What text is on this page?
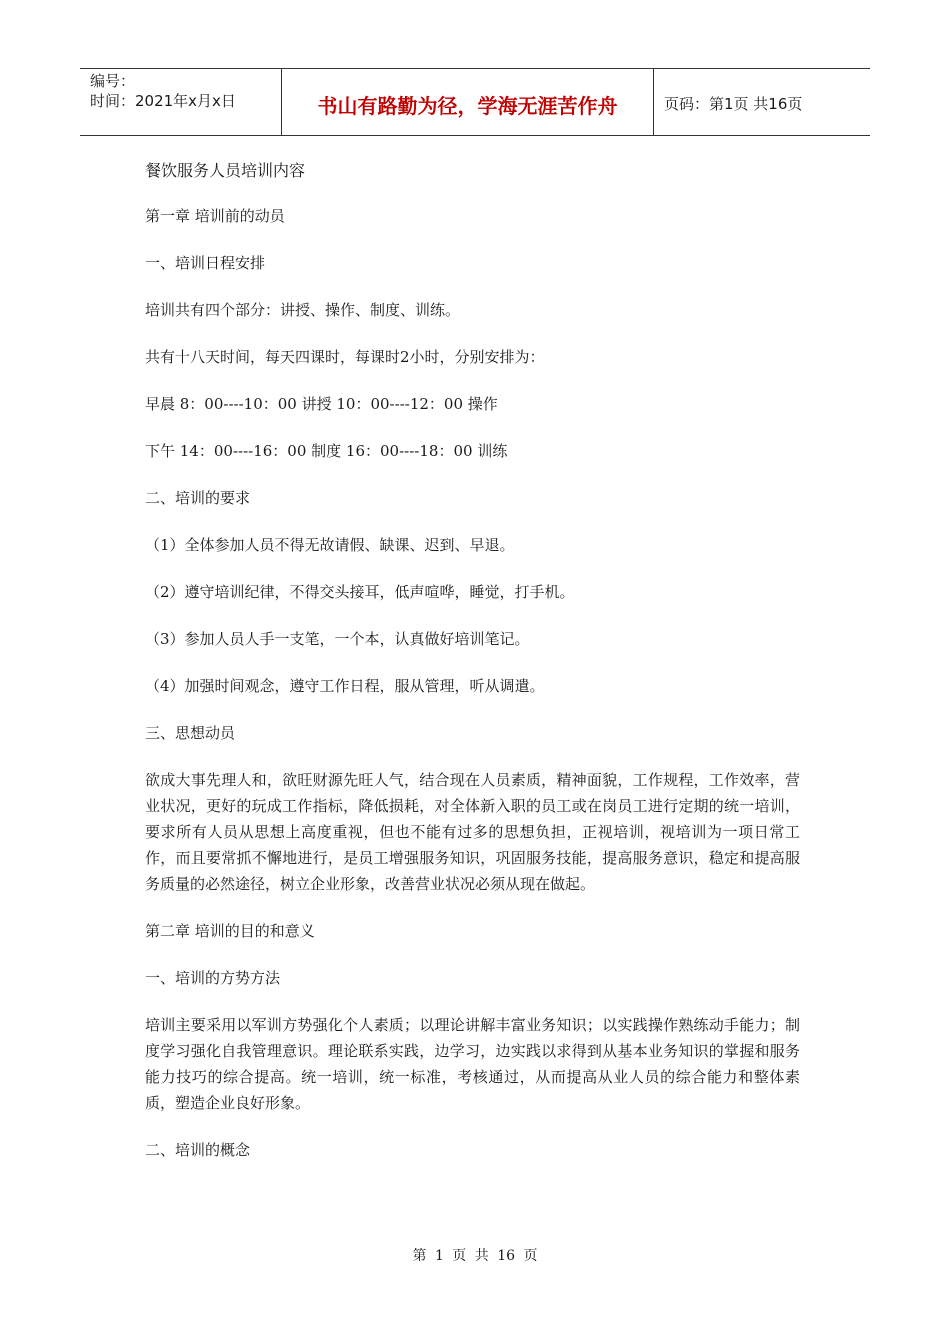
编号：
时间：2021年x月x日	书山有路勤为径，学海无涯苦作舟	页码：第1页 共16页

餐饮服务人员培训内容

第一章 培训前的动员

一、培训日程安排

培训共有四个部分：讲授、操作、制度、训练。

共有十八天时间，每天四课时，每课时2小时，分别安排为：

早晨 8：00----10：00 讲授 10：00----12：00 操作

下午 14：00----16：00 制度 16：00----18：00 训练

二、培训的要求

（1）全体参加人员不得无故请假、缺课、迟到、早退。

（2）遵守培训纪律，不得交头接耳，低声喧哗，睡觉，打手机。

（3）参加人员人手一支笔，一个本，认真做好培训笔记。

（4）加强时间观念，遵守工作日程，服从管理，听从调遣。

三、思想动员

欲成大事先理人和，欲旺财源先旺人气，结合现在人员素质，精神面貌，工作规程，工作效率，营业状况，更好的玩成工作指标，降低损耗，对全体新入职的员工或在岗员工进行定期的统一培训，要求所有人员从思想上高度重视，但也不能有过多的思想负担，正视培训，视培训为一项日常工作，而且要常抓不懈地进行，是员工增强服务知识，巩固服务技能，提高服务意识，稳定和提高服务质量的必然途径，树立企业形象，改善营业状况必须从现在做起。

第二章 培训的目的和意义

一、培训的方势方法

培训主要采用以军训方势强化个人素质；以理论讲解丰富业务知识；以实践操作熟练动手能力；制度学习强化自我管理意识。理论联系实践，边学习，边实践以求得到从基本业务知识的掌握和服务能力技巧的综合提高。统一培训，统一标准，考核通过，从而提高从业人员的综合能力和整体素质，塑造企业良好形象。

二、培训的概念

第 1 页 共 16 页
